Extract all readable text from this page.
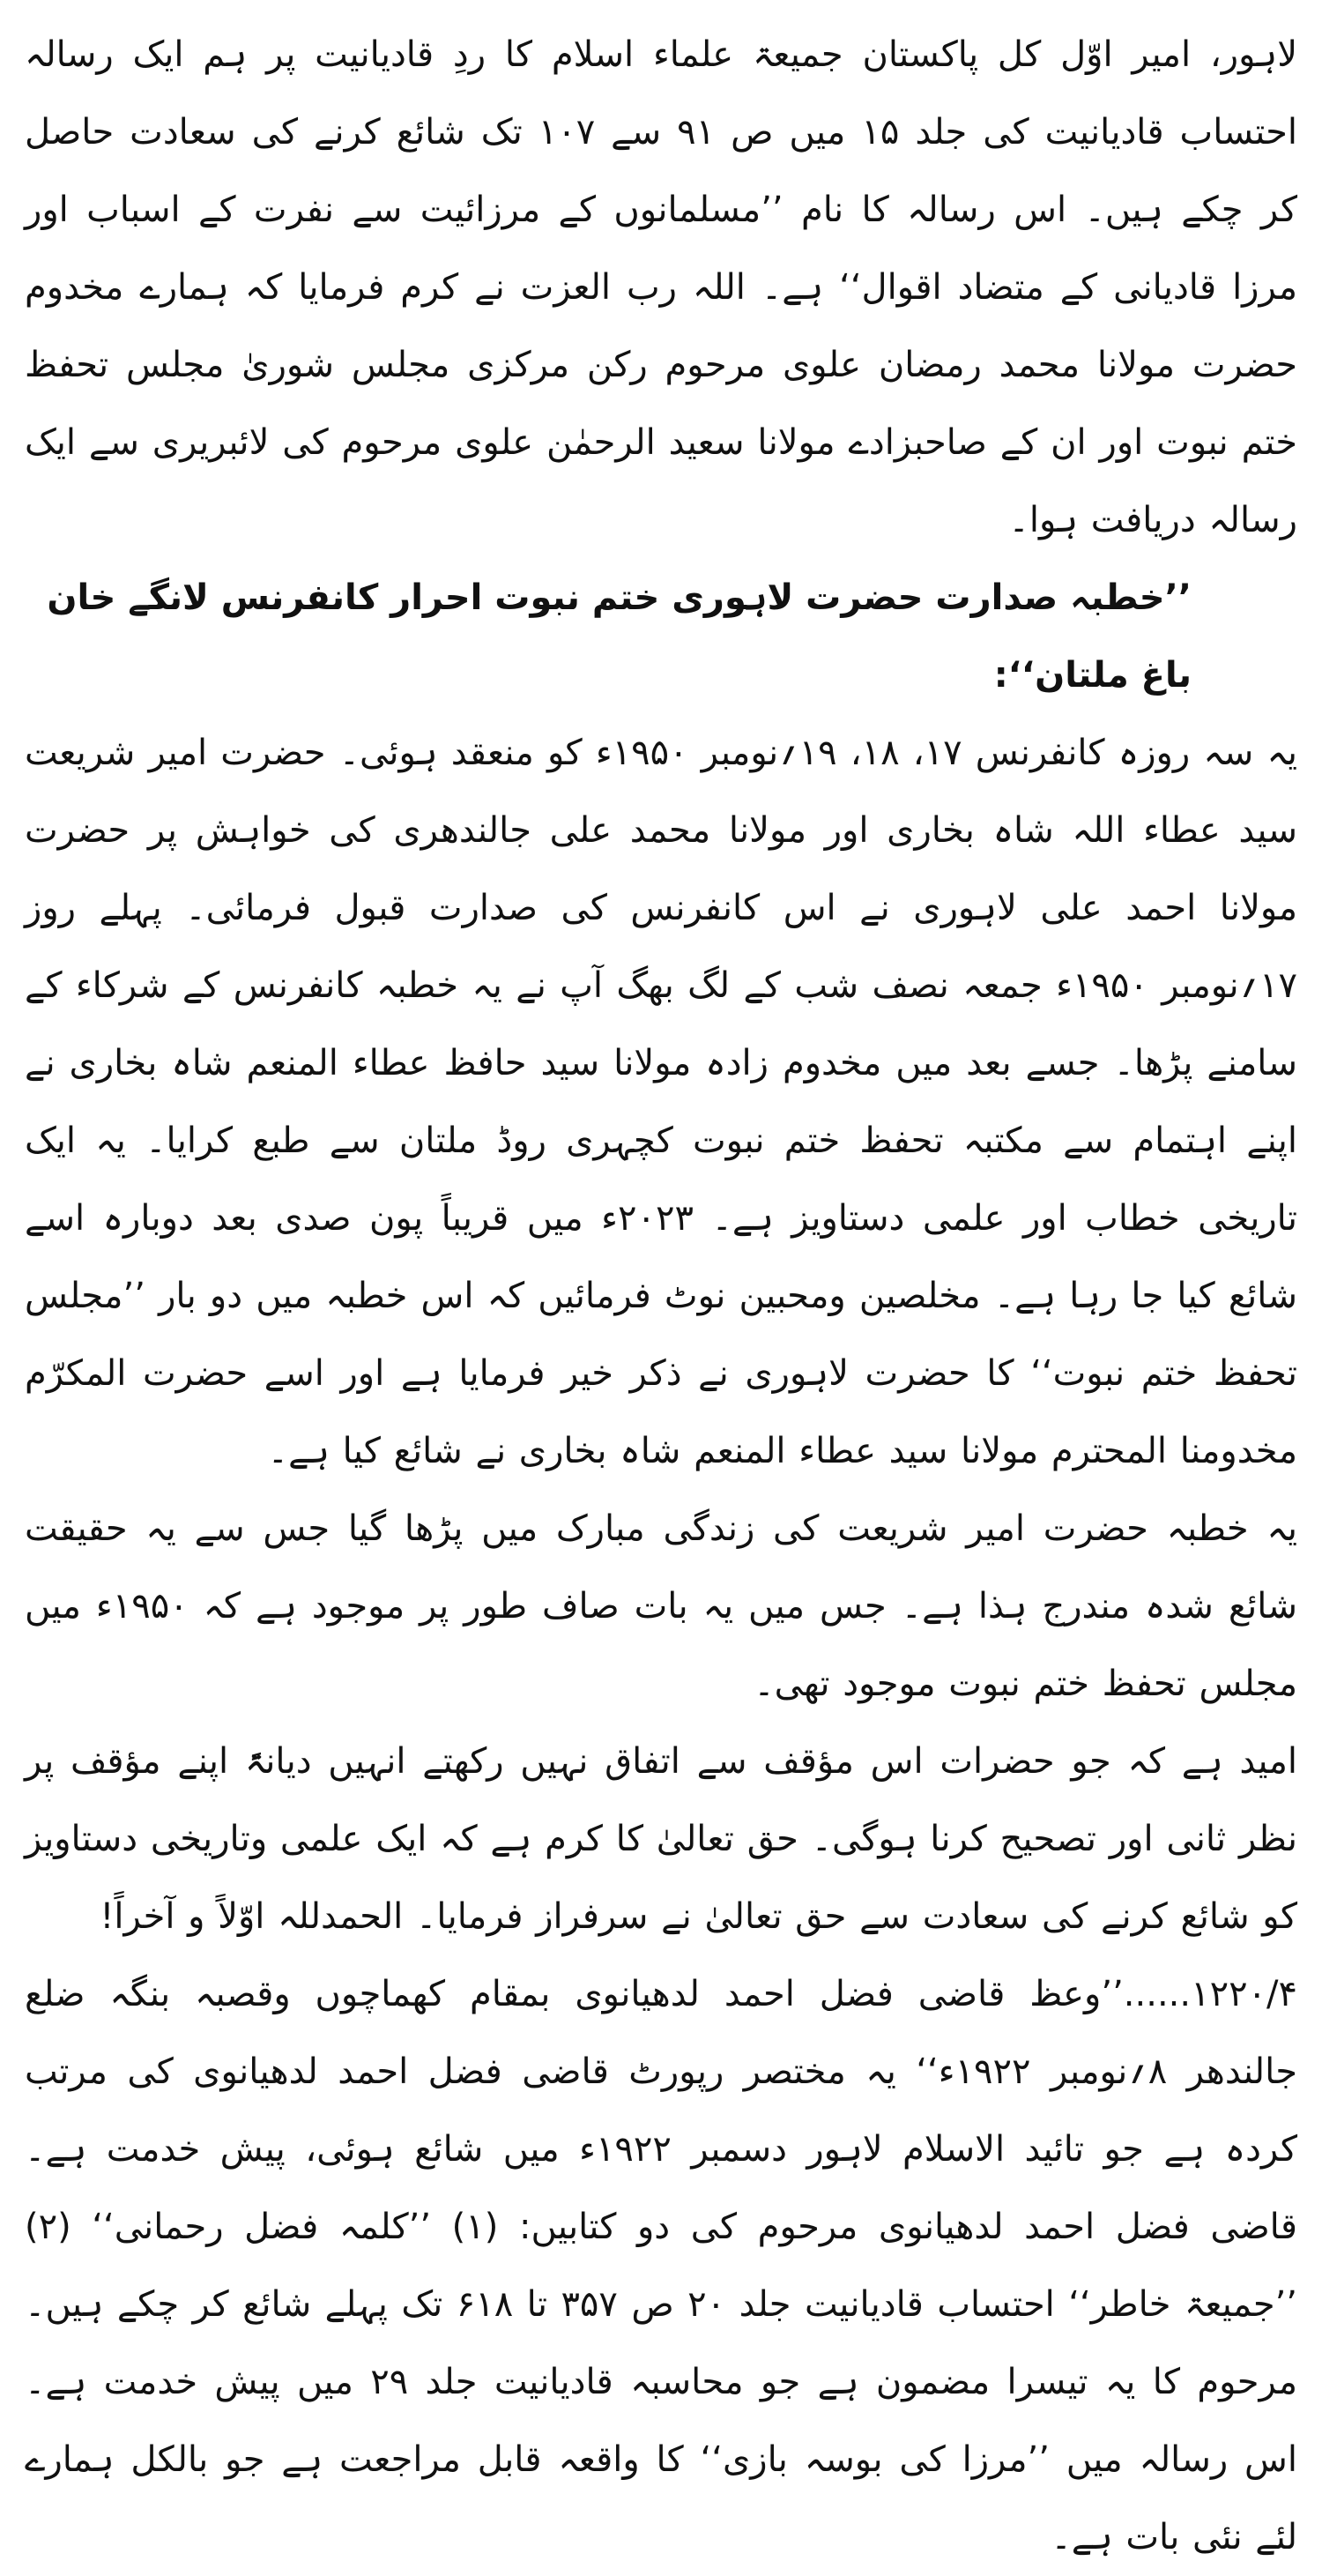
لاہور، امیر اوّل کل پاکستان جمیعۃ علماء اسلام کا ردِ قادیانیت پر ہم ایک رسالہ احتساب قادیانیت کی جلد ۱۵ میں ص ۹۱ سے ۱۰۷ تک شائع کرنے کی سعادت حاصل کر چکے ہیں۔ اس رسالہ کا نام ’’مسلمانوں کے مرزائیت سے نفرت کے اسباب اور مرزا قادیانی کے متضاد اقوال‘‘ ہے۔ اللہ رب العزت نے کرم فرمایا کہ ہمارے مخدوم حضرت مولانا محمد رمضان علوی مرحوم رکن مرکزی مجلس شوریٰ مجلس تحفظ ختم نبوت اور ان کے صاحبزادے مولانا سعید الرحمٰن علوی مرحوم کی لائبریری سے ایک رسالہ دریافت ہوا۔

’’خطبہ صدارت حضرت لاہوری ختم نبوت احرار کانفرنس لانگے خان باغ ملتان‘‘:

یہ سہ روزہ کانفرنس ۱۷، ۱۸، ۱۹؍نومبر ۱۹۵۰ء کو منعقد ہوئی۔ حضرت امیر شریعت سید عطاء اللہ شاہ بخاری اور مولانا محمد علی جالندھری کی خواہش پر حضرت مولانا احمد علی لاہوری نے اس کانفرنس کی صدارت قبول فرمائی۔ پہلے روز ۱۷؍نومبر ۱۹۵۰ء جمعہ نصف شب کے لگ بھگ آپ نے یہ خطبہ کانفرنس کے شرکاء کے سامنے پڑھا۔ جسے بعد میں مخدوم زادہ مولانا سید حافظ عطاء المنعم شاہ بخاری نے اپنے اہتمام سے مکتبہ تحفظ ختم نبوت کچہری روڈ ملتان سے طبع کرایا۔ یہ ایک تاریخی خطاب اور علمی دستاویز ہے۔ ۲۰۲۳ء میں قریباً پون صدی بعد دوبارہ اسے شائع کیا جا رہا ہے۔ مخلصین ومحبین نوٹ فرمائیں کہ اس خطبہ میں دو بار ’’مجلس تحفظ ختم نبوت‘‘ کا حضرت لاہوری نے ذکر خیر فرمایا ہے اور اسے حضرت المکرّم مخدومنا المحترم مولانا سید عطاء المنعم شاہ بخاری نے شائع کیا ہے۔

یہ خطبہ حضرت امیر شریعت کی زندگی مبارک میں پڑھا گیا جس سے یہ حقیقت شائع شدہ مندرج ہذا ہے۔ جس میں یہ بات صاف طور پر موجود ہے کہ ۱۹۵۰ء میں مجلس تحفظ ختم نبوت موجود تھی۔

امید ہے کہ جو حضرات اس مؤقف سے اتفاق نہیں رکھتے انہیں دیانۃً اپنے مؤقف پر نظر ثانی اور تصحیح کرنا ہوگی۔ حق تعالیٰ کا کرم ہے کہ ایک علمی وتاریخی دستاویز کو شائع کرنے کی سعادت سے حق تعالیٰ نے سرفراز فرمایا۔ الحمدللہ اوّلاً و آخراً!

۱۲۲۰/۴......’’وعظ قاضی فضل احمد لدھیانوی بمقام کھماچوں وقصبہ بنگہ ضلع جالندھر ۸؍نومبر ۱۹۲۲ء‘‘ یہ مختصر رپورٹ قاضی فضل احمد لدھیانوی کی مرتب کردہ ہے جو تائید الاسلام لاہور دسمبر ۱۹۲۲ء میں شائع ہوئی، پیش خدمت ہے۔ قاضی فضل احمد لدھیانوی مرحوم کی دو کتابیں: (۱) ’’کلمہ فضل رحمانی‘‘ (۲) ’’جمیعۃ خاطر‘‘ احتساب قادیانیت جلد ۲۰ ص ۳۵۷ تا ۶۱۸ تک پہلے شائع کر چکے ہیں۔ مرحوم کا یہ تیسرا مضمون ہے جو محاسبہ قادیانیت جلد ۲۹ میں پیش خدمت ہے۔ اس رسالہ میں ’’مرزا کی بوسہ بازی‘‘ کا واقعہ قابل مراجعت ہے جو بالکل ہمارے لئے نئی بات ہے۔
